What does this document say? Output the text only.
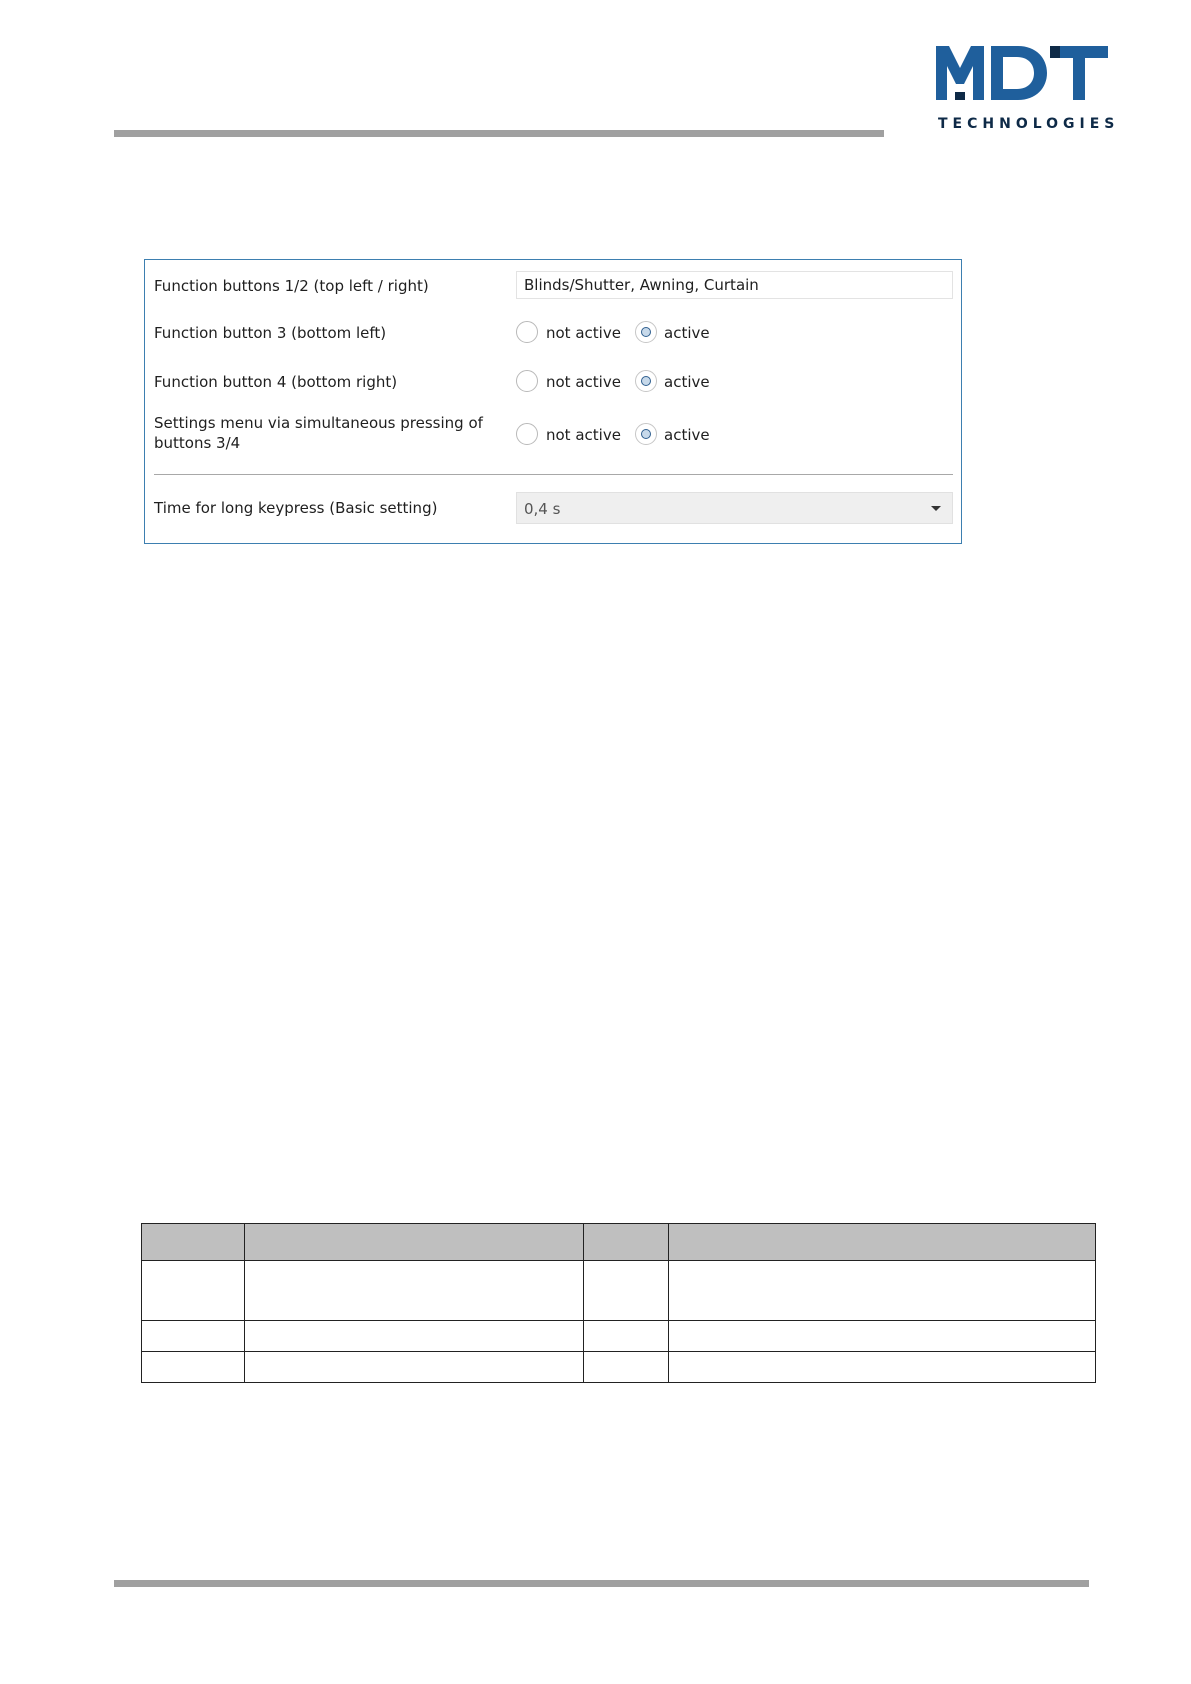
TECHNOLOGIES
Function buttons 1/2 (top left / right)	Blinds/Shutter, Awning, Curtain
Function button 3 (bottom left)	not active	active
Function button 4 (bottom right)	not active	active
Settings menu via simultaneous pressing of
buttons 3/4	not active	active
Time for long keypress (Basic setting)	0,4 s
